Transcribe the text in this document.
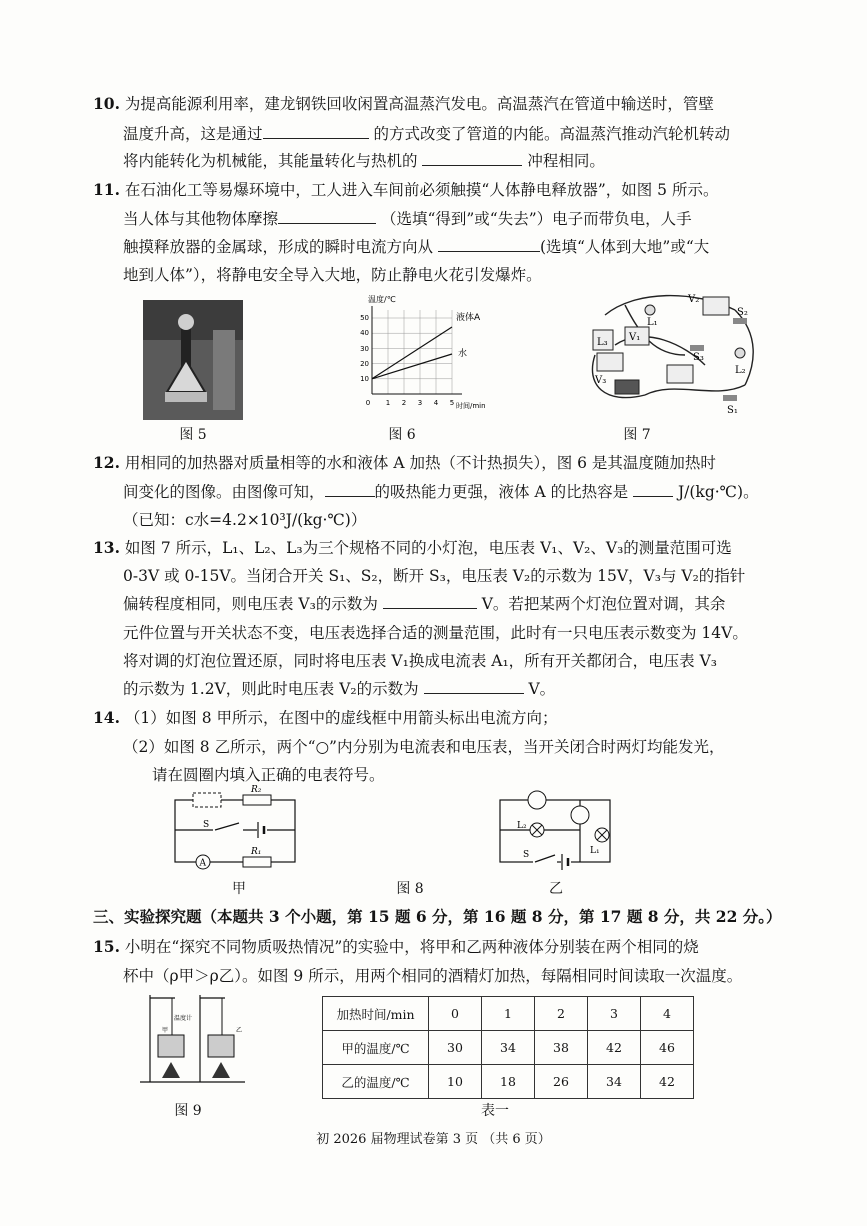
10. 为提高能源利用率，建龙钢铁回收闲置高温蒸汽发电。高温蒸汽在管道中输送时，管壁
温度升高，这是通过	的方式改变了管道的内能。高温蒸汽推动汽轮机转动
将内能转化为机械能，其能量转化与热机的	冲程相同。
11. 在石油化工等易爆环境中，工人进入车间前必须触摸“人体静电释放器”，如图 5 所示。
当人体与其他物体摩擦	（选填“得到”或“失去”）电子而带负电，人手
触摸释放器的金属球，形成的瞬时电流方向从	(选填“人体到大地”或“大
地到人体”），将静电安全导入大地，防止静电火花引发爆炸。
图 5
温度/℃
50
40
30
20
10
0 1 2 3 4 5 时间/min
液体A
水
图 6
V₂
S₂
L₁
L₃ V₁
S₃
L₂
V₃
S₁
图 7
12. 用相同的加热器对质量相等的水和液体 A 加热（不计热损失），图 6 是其温度随加热时
间变化的图像。由图像可知，	的吸热能力更强，液体 A 的比热容是	J/(kg·℃)。
（已知：c水=4.2×10³J/(kg·℃)）
13. 如图 7 所示，L₁、L₂、L₃为三个规格不同的小灯泡，电压表 V₁、V₂、V₃的测量范围可选
0-3V 或 0-15V。当闭合开关 S₁、S₂，断开 S₃，电压表 V₂的示数为 15V，V₃与 V₂的指针
偏转程度相同，则电压表 V₃的示数为	V。若把某两个灯泡位置对调，其余
元件位置与开关状态不变，电压表选择合适的测量范围，此时有一只电压表示数变为 14V。
将对调的灯泡位置还原，同时将电压表 V₁换成电流表 A₁，所有开关都闭合，电压表 V₃
的示数为 1.2V，则此时电压表 V₂的示数为	V。
14. （1）如图 8 甲所示，在图中的虚线框中用箭头标出电流方向；
（2）如图 8 乙所示，两个“○”内分别为电流表和电压表，当开关闭合时两灯均能发光，
请在圆圈内填入正确的电表符号。
R₂
S
A
R₁
甲	图 8
L₂
L₁
S
乙
三、实验探究题（本题共 3 个小题，第 15 题 6 分，第 16 题 8 分，第 17 题 8 分，共 22 分。）
15. 小明在“探究不同物质吸热情况”的实验中，将甲和乙两种液体分别装在两个相同的烧
杯中（ρ甲＞ρ乙）。如图 9 所示，用两个相同的酒精灯加热，每隔相同时间读取一次温度。
温度计
甲	乙
图 9
加热时间/min	0	1	2	3	4
甲的温度/℃	30	34	38	42	46
乙的温度/℃	10	18	26	34	42
表一
初 2026 届物理试卷第 3 页 （共 6 页）
